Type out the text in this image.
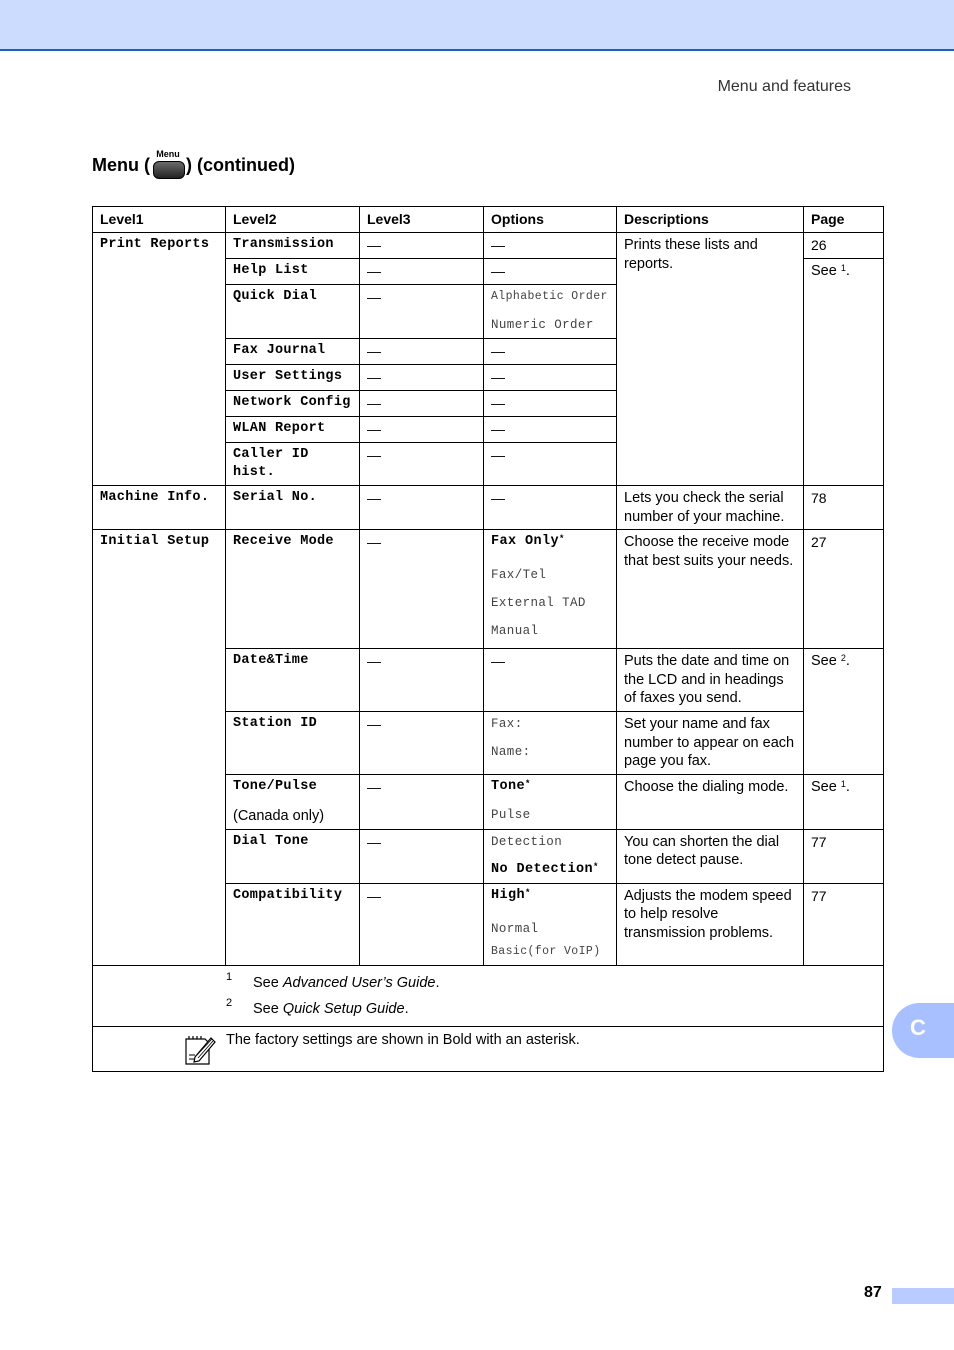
Menu and features
Menu (
Menu
) (continued)
Level1	Level2	Level3	Options	Descriptions	Page
Print Reports	Transmission	—	—	Prints these lists and reports.	26
	Help List	—	—		See $^1$.
	Quick Dial	—	Alphabetic Order
Numeric Order		

	Fax Journal	—	—		
	User Settings	—	—		
	Network Config	—	—		
	WLAN Report	—	—		
	Caller ID hist.	—	—		
Machine Info.	Serial No.	—	—	Lets you check the serial number of your machine.	78
Initial Setup	Receive Mode	—	Fax Only*
Fax/Tel
External TAD
Manual	Choose the receive mode that best suits your needs.	27
	Date&Time	—	—	Puts the date and time on the LCD and in headings of faxes you send.	See $^2$.
	Station ID	—	Fax:
Name:	Set your name and fax number to appear on each page you fax.	

	Tone/Pulse
(Canada only)	—	Tone*
Pulse	Choose the dialing mode.	See $^1$.
	Dial Tone	—	Detection
No Detection*	You can shorten the dial tone detect pause.	77
	Compatibility	—	High*
Normal
Basic(for VoIP)	Adjusts the modem speed to help resolve transmission problems.	77

1 See Advanced User’s Guide.
2 See Quick Setup Guide.					

The factory settings are shown in Bold with an asterisk.						C
87
